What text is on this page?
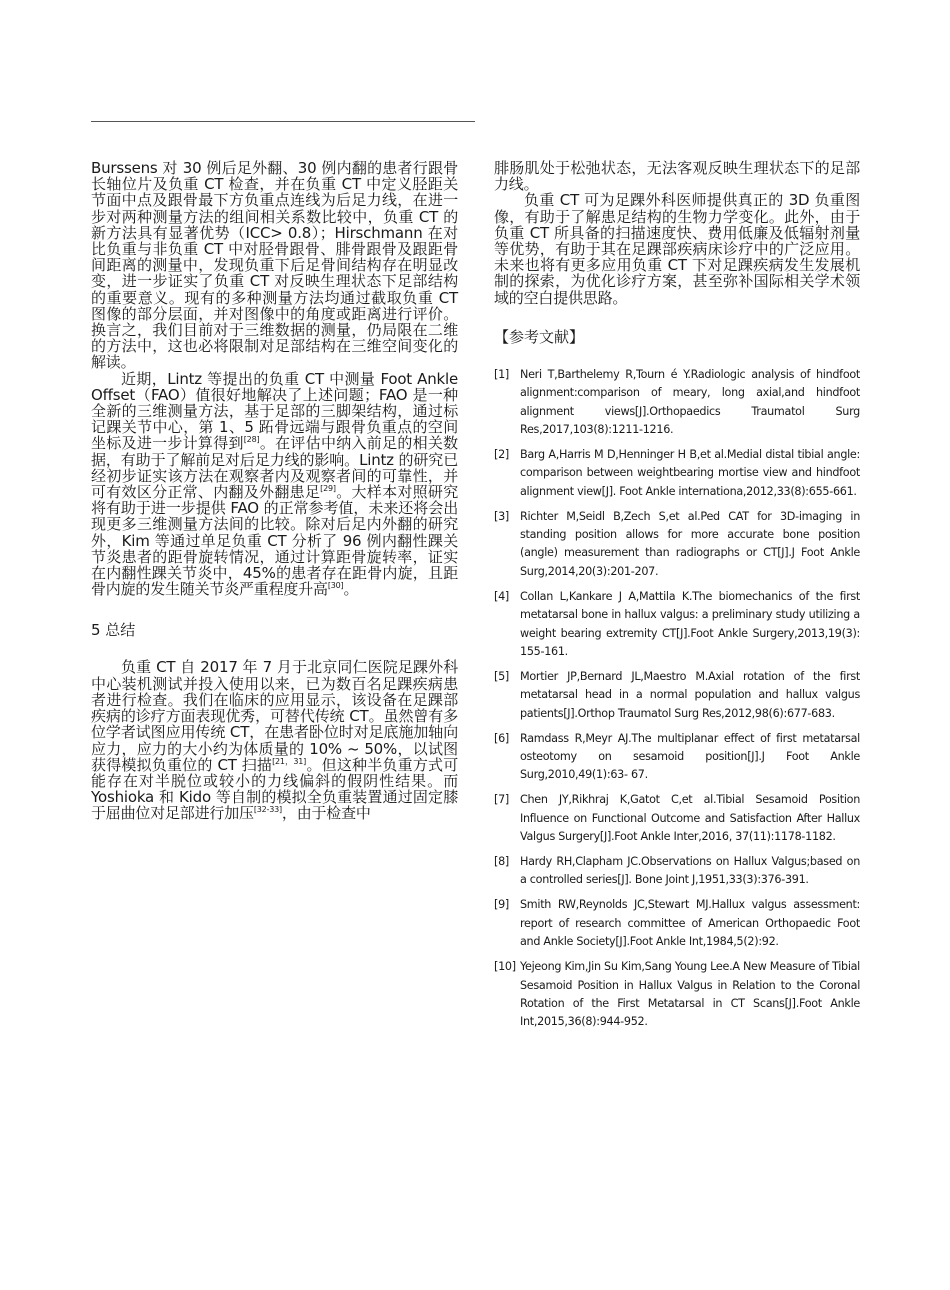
Burssens 对 30 例后足外翻、30 例内翻的患者行跟骨长轴位片及负重 CT 检查，并在负重 CT 中定义胫距关节面中点及跟骨最下方负重点连线为后足力线，在进一步对两种测量方法的组间相关系数比较中，负重 CT 的新方法具有显著优势（ICC> 0.8）；Hirschmann 在对比负重与非负重 CT 中对胫骨跟骨、腓骨跟骨及跟距骨间距离的测量中，发现负重下后足骨间结构存在明显改变，进一步证实了负重 CT 对反映生理状态下足部结构的重要意义。现有的多种测量方法均通过截取负重 CT 图像的部分层面，并对图像中的角度或距离进行评价。换言之，我们目前对于三维数据的测量，仍局限在二维的方法中，这也必将限制对足部结构在三维空间变化的解读。

近期，Lintz 等提出的负重 CT 中测量 Foot Ankle Offset（FAO）值很好地解决了上述问题；FAO 是一种全新的三维测量方法，基于足部的三脚架结构，通过标记踝关节中心，第 1、5 跖骨远端与跟骨负重点的空间坐标及进一步计算得到[28]。在评估中纳入前足的相关数据，有助于了解前足对后足力线的影响。Lintz 的研究已经初步证实该方法在观察者内及观察者间的可靠性，并可有效区分正常、内翻及外翻患足[29]。大样本对照研究将有助于进一步提供 FAO 的正常参考值，未来还将会出现更多三维测量方法间的比较。除对后足内外翻的研究外，Kim 等通过单足负重 CT 分析了 96 例内翻性踝关节炎患者的距骨旋转情况，通过计算距骨旋转率，证实在内翻性踝关节炎中，45%的患者存在距骨内旋，且距骨内旋的发生随关节炎严重程度升高[30]。

5 总结

负重 CT 自 2017 年 7 月于北京同仁医院足踝外科中心装机测试并投入使用以来，已为数百名足踝疾病患者进行检查。我们在临床的应用显示，该设备在足踝部疾病的诊疗方面表现优秀，可替代传统 CT。虽然曾有多位学者试图应用传统 CT，在患者卧位时对足底施加轴向应力，应力的大小约为体质量的 10% ~ 50%，以试图获得模拟负重位的 CT 扫描[21，31]。但这种半负重方式可能存在对半脱位或较小的力线偏斜的假阴性结果。而 Yoshioka 和 Kido 等自制的模拟全负重装置通过固定膝于屈曲位对足部进行加压[32-33]，由于检查中

腓肠肌处于松弛状态，无法客观反映生理状态下的足部力线。

负重 CT 可为足踝外科医师提供真正的 3D 负重图像，有助于了解患足结构的生物力学变化。此外，由于负重 CT 所具备的扫描速度快、费用低廉及低辐射剂量等优势，有助于其在足踝部疾病床诊疗中的广泛应用。未来也将有更多应用负重 CT 下对足踝疾病发生发展机制的探索，为优化诊疗方案，甚至弥补国际相关学术领域的空白提供思路。

【参考文献】
[1] Neri T,Barthelemy R,Tourn é Y.Radiologic analysis of hindfoot alignment:comparison of meary, long axial,and hindfoot alignment views[J].Orthopaedics Traumatol Surg Res,2017,103(8):1211-1216.
[2] Barg A,Harris M D,Henninger H B,et al.Medial distal tibial angle: comparison between weightbearing mortise view and hindfoot alignment view[J]. Foot Ankle internationa,2012,33(8):655-661.
[3] Richter M,Seidl B,Zech S,et al.Ped CAT for 3D-imaging in standing position allows for more accurate bone position (angle) measurement than radiographs or CT[J].J Foot Ankle Surg,2014,20(3):201-207.
[4] Collan L,Kankare J A,Mattila K.The biomechanics of the first metatarsal bone in hallux valgus: a preliminary study utilizing a weight bearing extremity CT[J].Foot Ankle Surgery,2013,19(3): 155-161.
[5] Mortier JP,Bernard JL,Maestro M.Axial rotation of the first metatarsal head in a normal population and hallux valgus patients[J].Orthop Traumatol Surg Res,2012,98(6):677-683.
[6] Ramdass R,Meyr AJ.The multiplanar effect of first metatarsal osteotomy on sesamoid position[J].J Foot Ankle Surg,2010,49(1):63- 67.
[7] Chen JY,Rikhraj K,Gatot C,et al.Tibial Sesamoid Position Influence on Functional Outcome and Satisfaction After Hallux Valgus Surgery[J].Foot Ankle Inter,2016, 37(11):1178-1182.
[8] Hardy RH,Clapham JC.Observations on Hallux Valgus;based on a controlled series[J]. Bone Joint J,1951,33(3):376-391.
[9] Smith RW,Reynolds JC,Stewart MJ.Hallux valgus assessment: report of research committee of American Orthopaedic Foot and Ankle Society[J].Foot Ankle Int,1984,5(2):92.
[10] Yejeong Kim,Jin Su Kim,Sang Young Lee.A New Measure of Tibial Sesamoid Position in Hallux Valgus in Relation to the Coronal Rotation of the First Metatarsal in CT Scans[J].Foot Ankle Int,2015,36(8):944-952.
